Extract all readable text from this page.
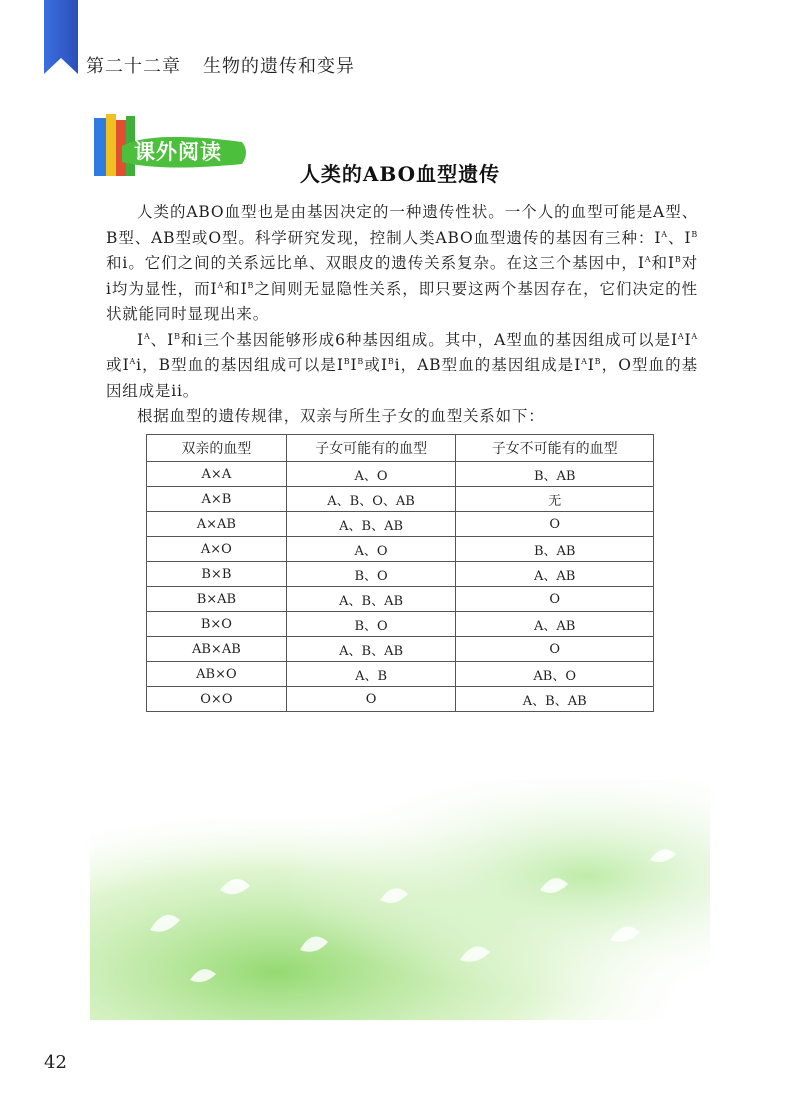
第二十二章 生物的遗传和变异
课外阅读
人类的ABO血型遗传

人类的ABO血型也是由基因决定的一种遗传性状。一个人的血型可能是A型、B型、AB型或O型。科学研究发现，控制人类ABO血型遗传的基因有三种：$I^A$、$I^B$和i。它们之间的关系远比单、双眼皮的遗传关系复杂。在这三个基因中，$I^A$和$I^B$对i均为显性，而$I^A$和$I^B$之间则无显隐性关系，即只要这两个基因存在，它们决定的性状就能同时显现出来。

$I^A$、$I^B$和i三个基因能够形成6种基因组成。其中，A型血的基因组成可以是$I^AI^A$或$I^Ai$，B型血的基因组成可以是$I^BI^B$或$I^Bi$，AB型血的基因组成是$I^AI^B$，O型血的基因组成是ii。

根据血型的遗传规律，双亲与所生子女的血型关系如下：

双亲的血型	子女可能有的血型	子女不可能有的血型
A×A	A、O	B、AB
A×B	A、B、O、AB	无
A×AB	A、B、AB	O
A×O	A、O	B、AB
B×B	B、O	A、AB
B×AB	A、B、AB	O
B×O	B、O	A、AB
AB×AB	A、B、AB	O
AB×O	A、B	AB、O
O×O	O	A、B、AB
42
